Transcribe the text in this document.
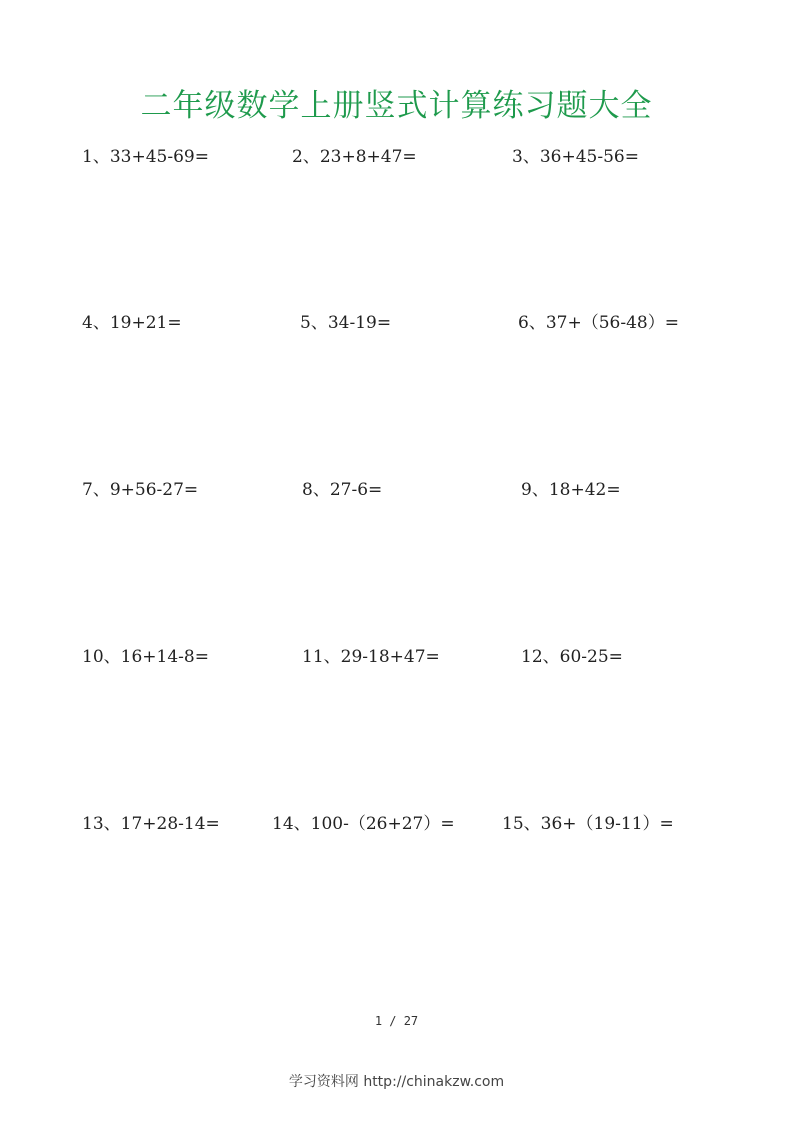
二年级数学上册竖式计算练习题大全
1、33+45-69=	2、23+8+47=	3、36+45-56=
4、19+21=	5、34-19=	6、37+（56-48）=
7、9+56-27=	8、27-6=	9、18+42=
10、16+14-8=	11、29-18+47=	12、60-25=
13、17+28-14=	14、100-（26+27）=	15、36+（19-11）=
1 / 27
学习资料网 http://chinakzw.com
